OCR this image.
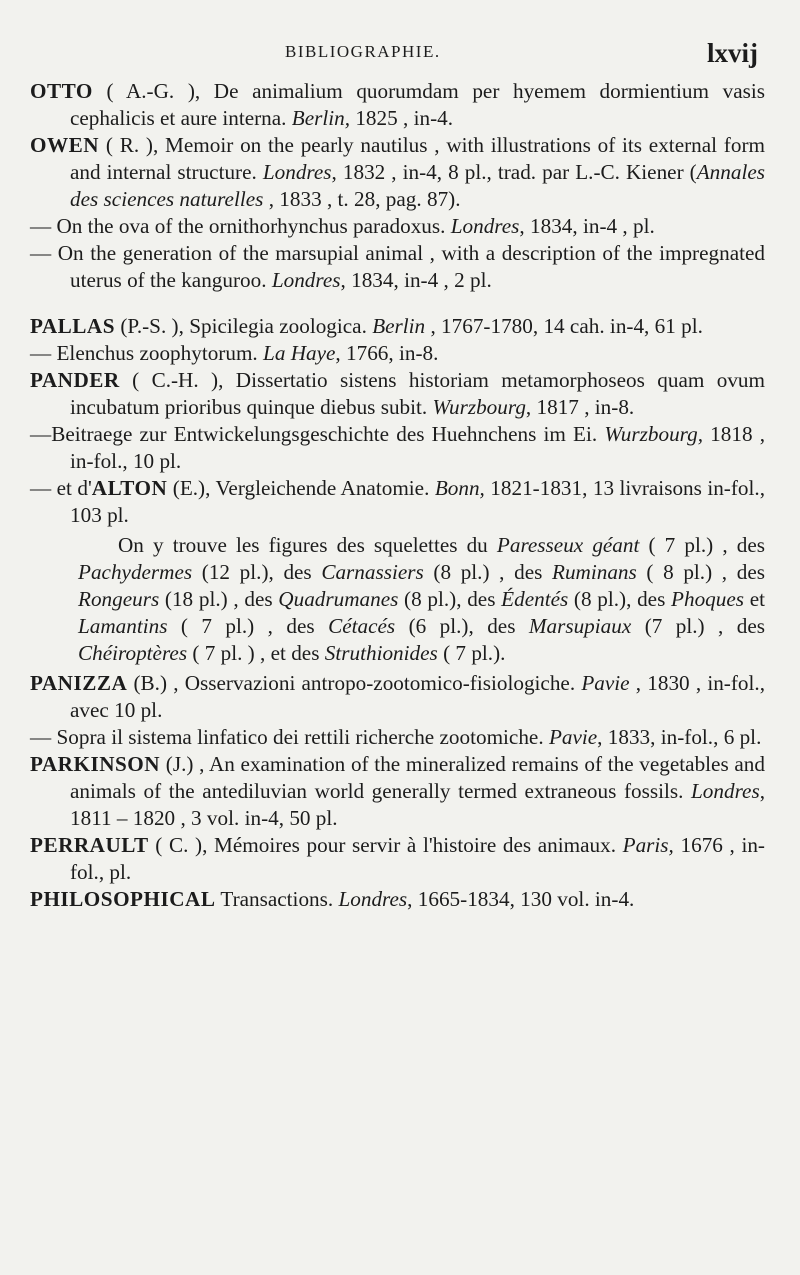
BIBLIOGRAPHIE.	lxvij

OTTO ( A.-G. ), De animalium quorumdam per hyemem dormientium vasis cephalicis et aure interna. Berlin, 1825 , in-4.

OWEN ( R. ), Memoir on the pearly nautilus , with illustrations of its external form and internal structure. Londres, 1832 , in-4, 8 pl., trad. par L.-C. Kiener (Annales des sciences naturelles , 1833 , t. 28, pag. 87).

— On the ova of the ornithorhynchus paradoxus. Londres, 1834, in-4 , pl.

— On the generation of the marsupial animal , with a description of the impregnated uterus of the kanguroo. Londres, 1834, in-4 , 2 pl.

PALLAS (P.-S. ), Spicilegia zoologica. Berlin , 1767-1780, 14 cah. in-4, 61 pl.

— Elenchus zoophytorum. La Haye, 1766, in-8.

PANDER ( C.-H. ), Dissertatio sistens historiam metamorphoseos quam ovum incubatum prioribus quinque diebus subit. Wurzbourg, 1817 , in-8.

—Beitraege zur Entwickelungsgeschichte des Huehnchens im Ei. Wurzbourg, 1818 , in-fol., 10 pl.

— et d'ALTON (E.), Vergleichende Anatomie. Bonn, 1821-1831, 13 livraisons in-fol., 103 pl.

On y trouve les figures des squelettes du Paresseux géant ( 7 pl.) , des Pachydermes (12 pl.), des Carnassiers (8 pl.) , des Ruminans ( 8 pl.) , des Rongeurs (18 pl.) , des Quadrumanes (8 pl.), des Édentés (8 pl.), des Phoques et Lamantins ( 7 pl.) , des Cétacés (6 pl.), des Marsupiaux (7 pl.) , des Chéiroptères ( 7 pl. ) , et des Struthionides ( 7 pl.).

PANIZZA (B.) , Osservazioni antropo-zootomico-fisiologiche. Pavie , 1830 , in-fol., avec 10 pl.

— Sopra il sistema linfatico dei rettili richerche zootomiche. Pavie, 1833, in-fol., 6 pl.

PARKINSON (J.) , An examination of the mineralized remains of the vegetables and animals of the antediluvian world generally termed extraneous fossils. Londres, 1811 – 1820 , 3 vol. in-4, 50 pl.

PERRAULT ( C. ), Mémoires pour servir à l'histoire des animaux. Paris, 1676 , in-fol., pl.

PHILOSOPHICAL Transactions. Londres, 1665-1834, 130 vol. in-4.
